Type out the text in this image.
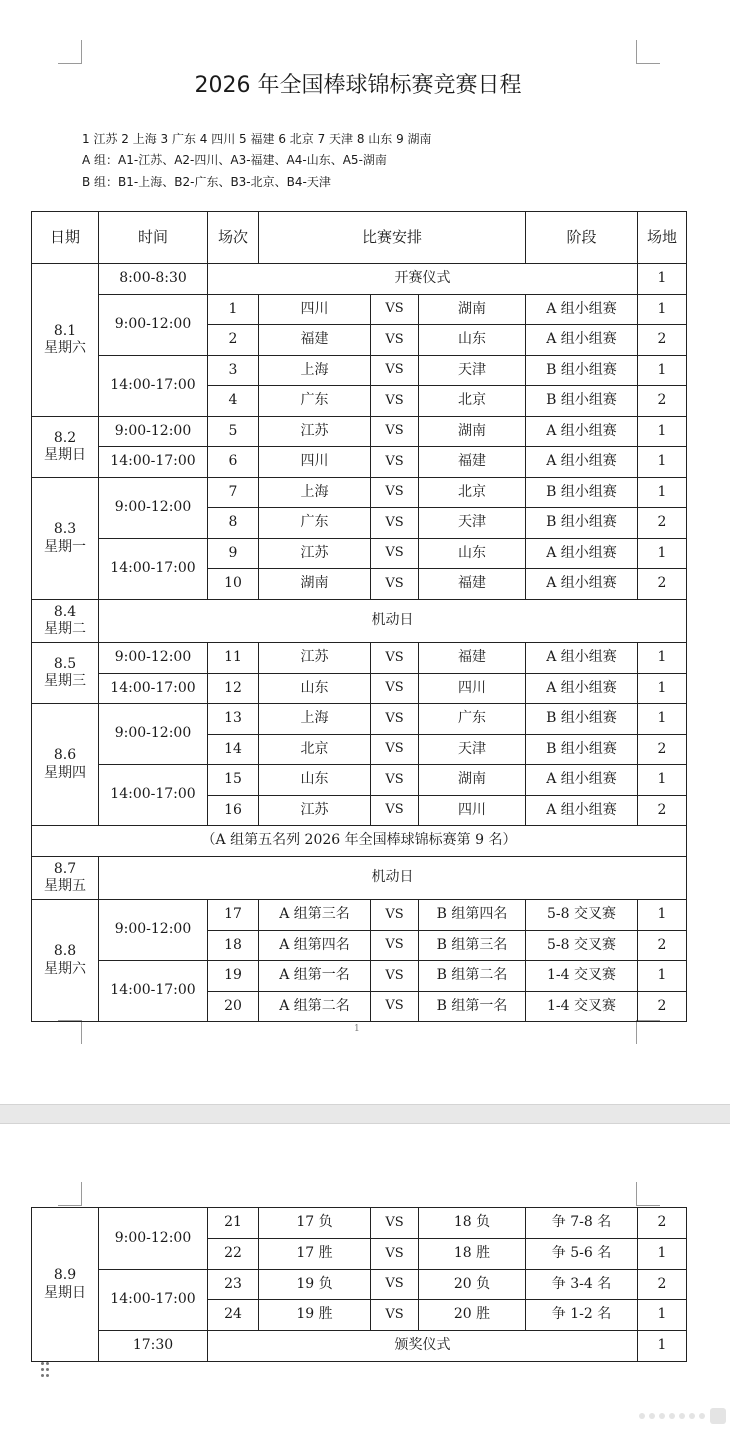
2026 年全国棒球锦标赛竞赛日程
1 江苏 2 上海 3 广东 4 四川 5 福建 6 北京 7 天津 8 山东 9 湖南
A 组：A1-江苏、A2-四川、A3-福建、A4-山东、A5-湖南
B 组：B1-上海、B2-广东、B3-北京、B4-天津
日期	时间	场次	比赛安排			阶段	场地

8.1
星期六	8:00-8:30	开赛仪式					1
	9:00-12:00	1	四川	VS	湖南	A 组小组赛	1
		2	福建	VS	山东	A 组小组赛	2
	14:00-17:00	3	上海	VS	天津	B 组小组赛	1
		4	广东	VS	北京	B 组小组赛	2

8.2
星期日	9:00-12:00	5	江苏	VS	湖南	A 组小组赛	1
	14:00-17:00	6	四川	VS	福建	A 组小组赛	1

8.3
星期一	9:00-12:00	7	上海	VS	北京	B 组小组赛	1
		8	广东	VS	天津	B 组小组赛	2
	14:00-17:00	9	江苏	VS	山东	A 组小组赛	1
		10	湖南	VS	福建	A 组小组赛	2

8.4
星期二	机动日						

8.5
星期三	9:00-12:00	11	江苏	VS	福建	A 组小组赛	1
	14:00-17:00	12	山东	VS	四川	A 组小组赛	1

8.6
星期四	9:00-12:00	13	上海	VS	广东	B 组小组赛	1
		14	北京	VS	天津	B 组小组赛	2
	14:00-17:00	15	山东	VS	湖南	A 组小组赛	1
		16	江苏	VS	四川	A 组小组赛	2
（A 组第五名列 2026 年全国棒球锦标赛第 9 名）							

8.7
星期五	机动日						

8.8
星期六	9:00-12:00	17	A 组第三名	VS	B 组第四名	5-8 交叉赛	1
		18	A 组第四名	VS	B 组第三名	5-8 交叉赛	2
	14:00-17:00	19	A 组第一名	VS	B 组第二名	1-4 交叉赛	1
		20	A 组第二名	VS	B 组第一名	1-4 交叉赛	2
1
8.9
星期日	9:00-12:00	21	17 负	VS	18 负	争 7-8 名	2
		22	17 胜	VS	18 胜	争 5-6 名	1
	14:00-17:00	23	19 负	VS	20 负	争 3-4 名	2
		24	19 胜	VS	20 胜	争 1-2 名	1
	17:30	颁奖仪式					1
